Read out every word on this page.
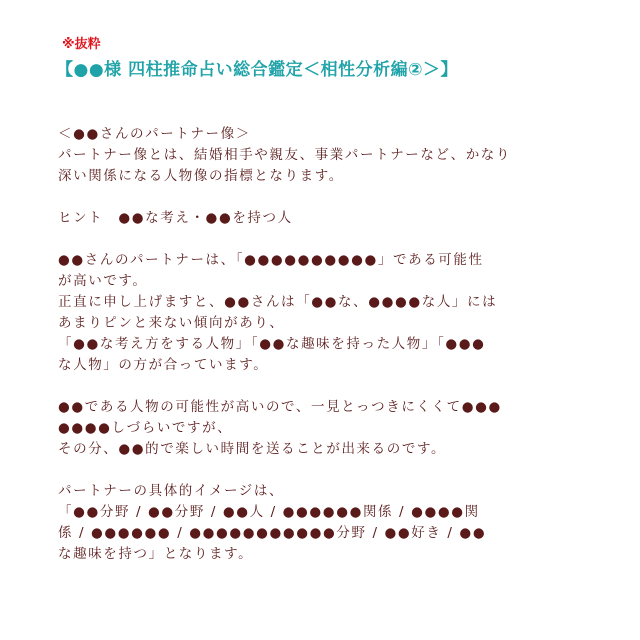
※抜粋
【●●様 四柱推命占い総合鑑定＜相性分析編②＞】

＜●●さんのパートナー像＞

パートナー像とは、結婚相手や親友、事業パートナーなど、かなり

深い関係になる人物像の指標となります。

ヒント　●●な考え・●●を持つ人

●●さんのパートナーは、「●●●●●●●●●●」である可能性

が高いです。

正直に申し上げますと、●●さんは「●●な、●●●●な人」には

あまりピンと来ない傾向があり、

「●●な考え方をする人物」「●●な趣味を持った人物」「●●●

な人物」の方が合っています。

●●である人物の可能性が高いので、一見とっつきにくくて●●●

●●●●しづらいですが、

その分、●●的で楽しい時間を送ることが出来るのです。

パートナーの具体的イメージは、

「●●分野 / ●●分野 / ●●人 / ●●●●●●関係 / ●●●●関

係 / ●●●●●● / ●●●●●●●●●●●分野 / ●●好き / ●●

な趣味を持つ」となります。
